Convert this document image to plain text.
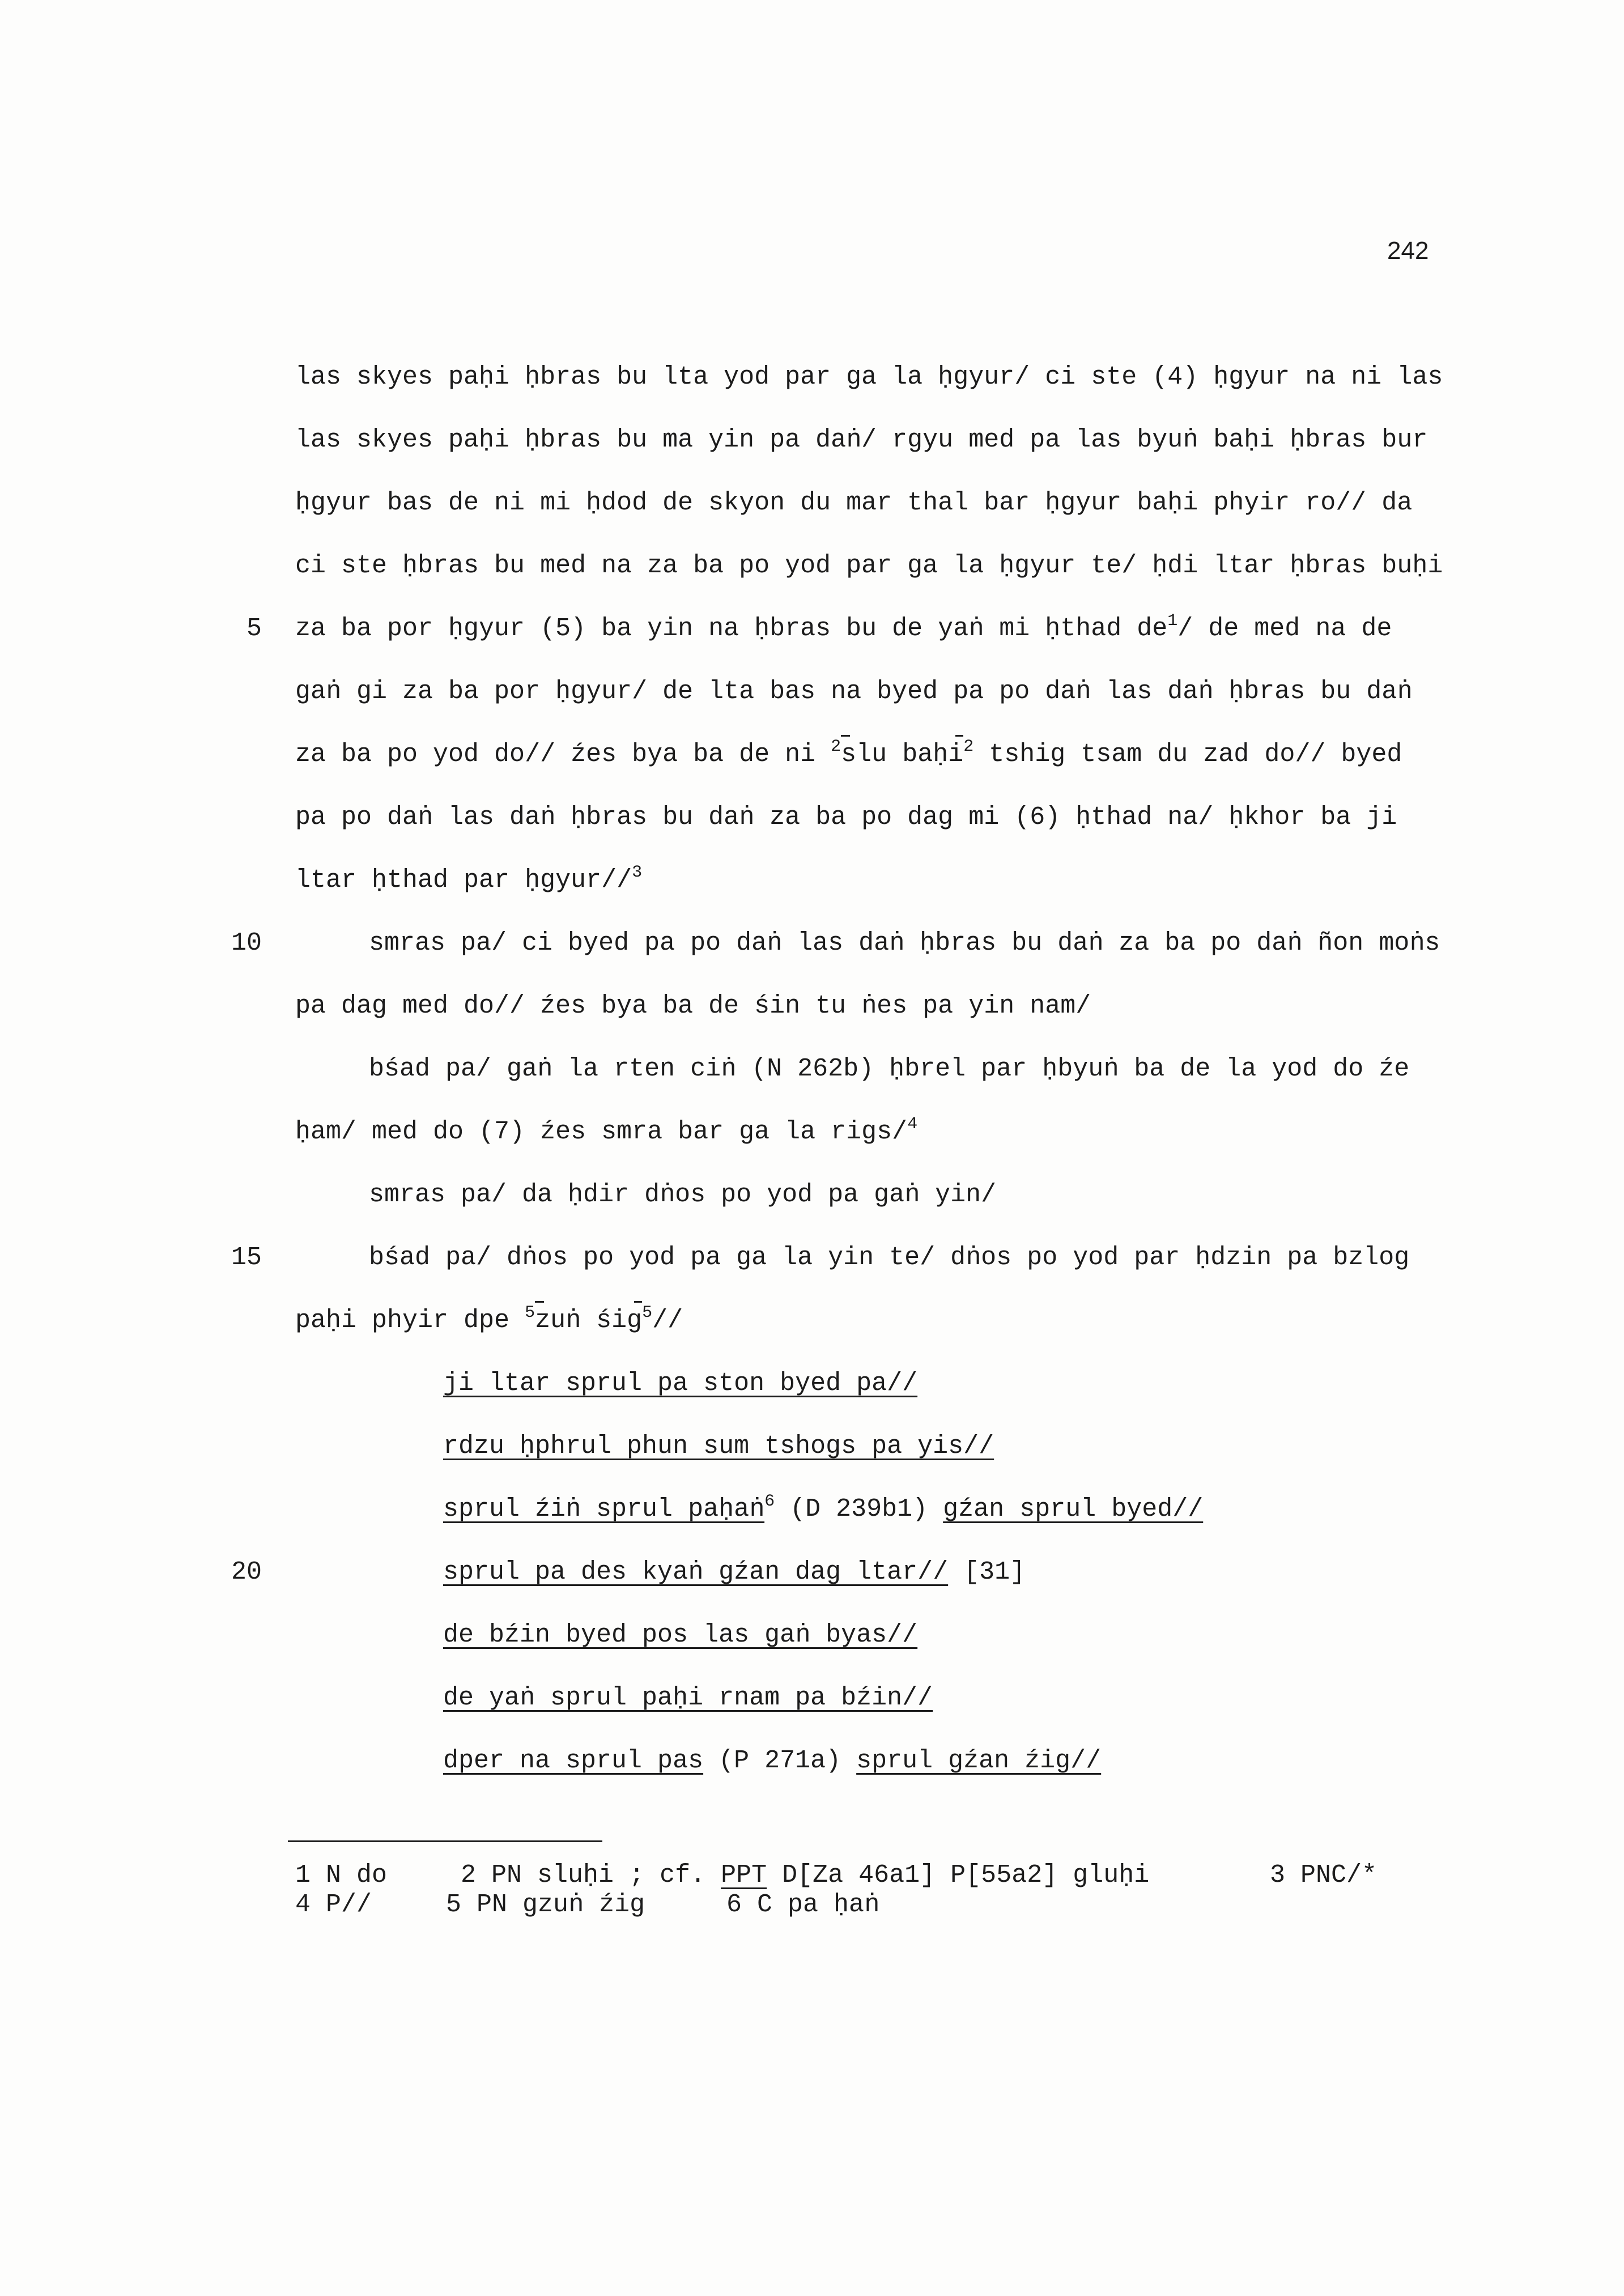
242
las skyes paḥi ḥbras bu lta yod par ga la ḥgyur/ ci ste (4) ḥgyur na ni las
las skyes paḥi ḥbras bu ma yin pa daṅ/ rgyu med pa las byuṅ baḥi ḥbras bur
ḥgyur bas de ni mi ḥdod de skyon du mar thal bar ḥgyur baḥi phyir ro// da
ci ste ḥbras bu med na za ba po yod par ga la ḥgyur te/ ḥdi ltar ḥbras buḥi
5 za ba por ḥgyur (5) ba yin na ḥbras bu de yaṅ mi ḥthad $de^1/$ de med na de
gaṅ gi za ba por ḥgyur/ de lta bas na byed pa po daṅ las daṅ ḥbras bu daṅ
za ba po yod do// źes bya ba de ni $^2$slu baḥi$^2$ tshig tsam du zad do// byed
pa po daṅ las daṅ ḥbras bu daṅ za ba po dag mi (6) ḥthad na/ ḥkhor ba ji
ltar ḥthad par ḥgyur//$^3$
10	smras pa/ ci byed pa po daṅ las daṅ ḥbras bu daṅ za ba po daṅ ñon moṅs
pa dag med do// źes bya ba de śin tu ṅes pa yin nam/
bśad pa/ gaṅ la rten ciṅ (N 262b) ḥbrel par ḥbyuṅ ba de la yod do źe
ḥam/ med do (7) źes smra bar ga la rigs/$^4$
smras pa/ da ḥdir dṅos po yod pa gaṅ yin/
15	bśad pa/ dṅos po yod pa ga la yin te/ dṅos po yod par ḥdzin pa bzlog
paḥi phyir dpe $^5$zuṅ śig$^5$//
ji ltar sprul pa ston byed pa//
rdzu ḥphrul phun sum tshogs pa yis//
sprul źiṅ sprul paḥaṅ$^6$ (D 239b1) gźan sprul byed//
20	sprul pa des kyaṅ gźan dag ltar// [31]
de bźin byed pos las gaṅ byas//
de yaṅ sprul paḥi rnam pa bźin//
dper na sprul pas (P 271a) sprul gźan źig//
1 N do	2 PN sluḥi ; cf. PPT D[Za 46a1] P[55a2] gluḥi	3 PNC/*
4 P//	5 PN gzuṅ źig	6 C pa ḥaṅ
